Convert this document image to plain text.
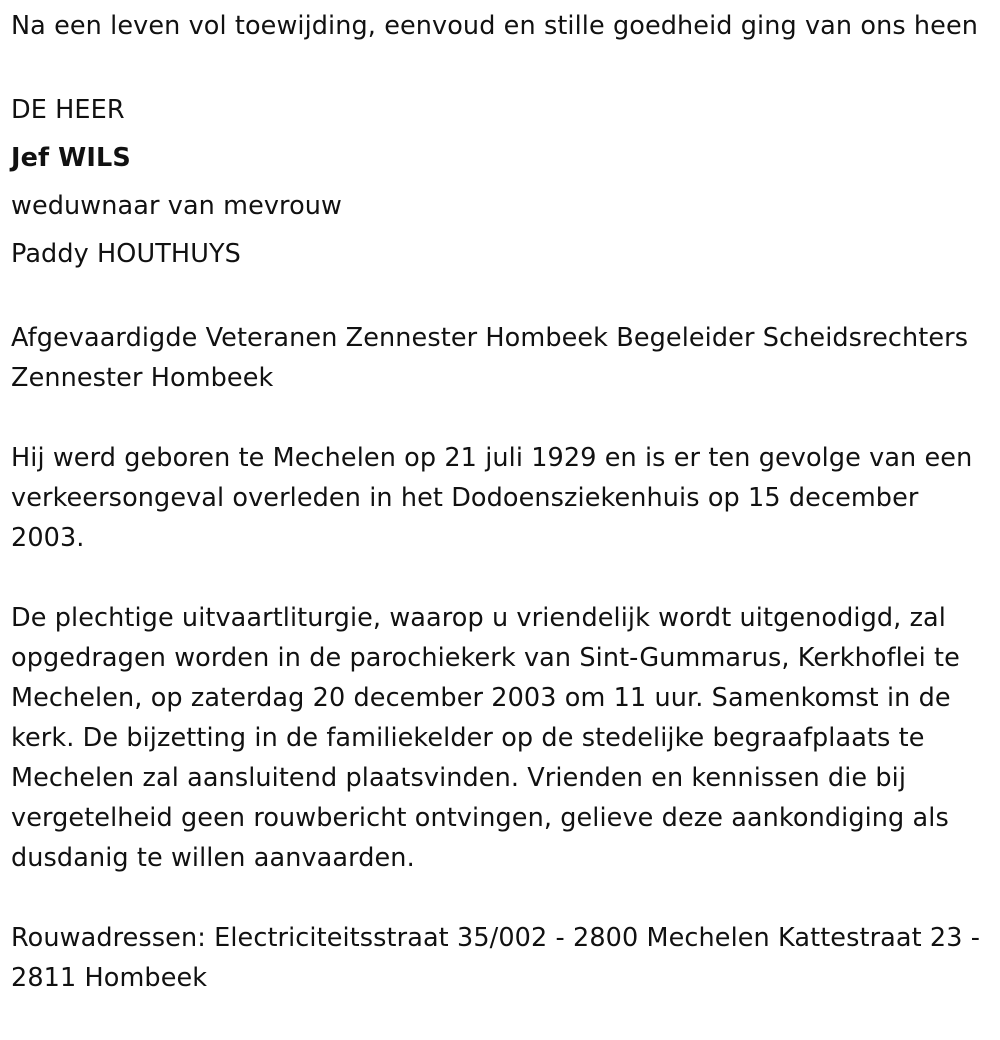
Na een leven vol toewijding, eenvoud en stille goedheid ging van ons heen

DE HEER
Jef WILS
weduwnaar van mevrouw
Paddy HOUTHUYS

Afgevaardigde Veteranen Zennester Hombeek Begeleider Scheidsrechters Zennester Hombeek

Hij werd geboren te Mechelen op 21 juli 1929 en is er ten gevolge van een verkeersongeval overleden in het Dodoensziekenhuis op 15 december 2003.

De plechtige uitvaartliturgie, waarop u vriendelijk wordt uitgenodigd, zal opgedragen worden in de parochiekerk van Sint-Gummarus, Kerkhoflei te Mechelen, op zaterdag 20 december 2003 om 11 uur. Samenkomst in de kerk. De bijzetting in de familiekelder op de stedelijke begraafplaats te Mechelen zal aansluitend plaatsvinden. Vrienden en kennissen die bij vergetelheid geen rouwbericht ontvingen, gelieve deze aankondiging als dusdanig te willen aanvaarden.

Rouwadressen: Electriciteitsstraat 35/002 - 2800 Mechelen Kattestraat 23 - 2811 Hombeek
